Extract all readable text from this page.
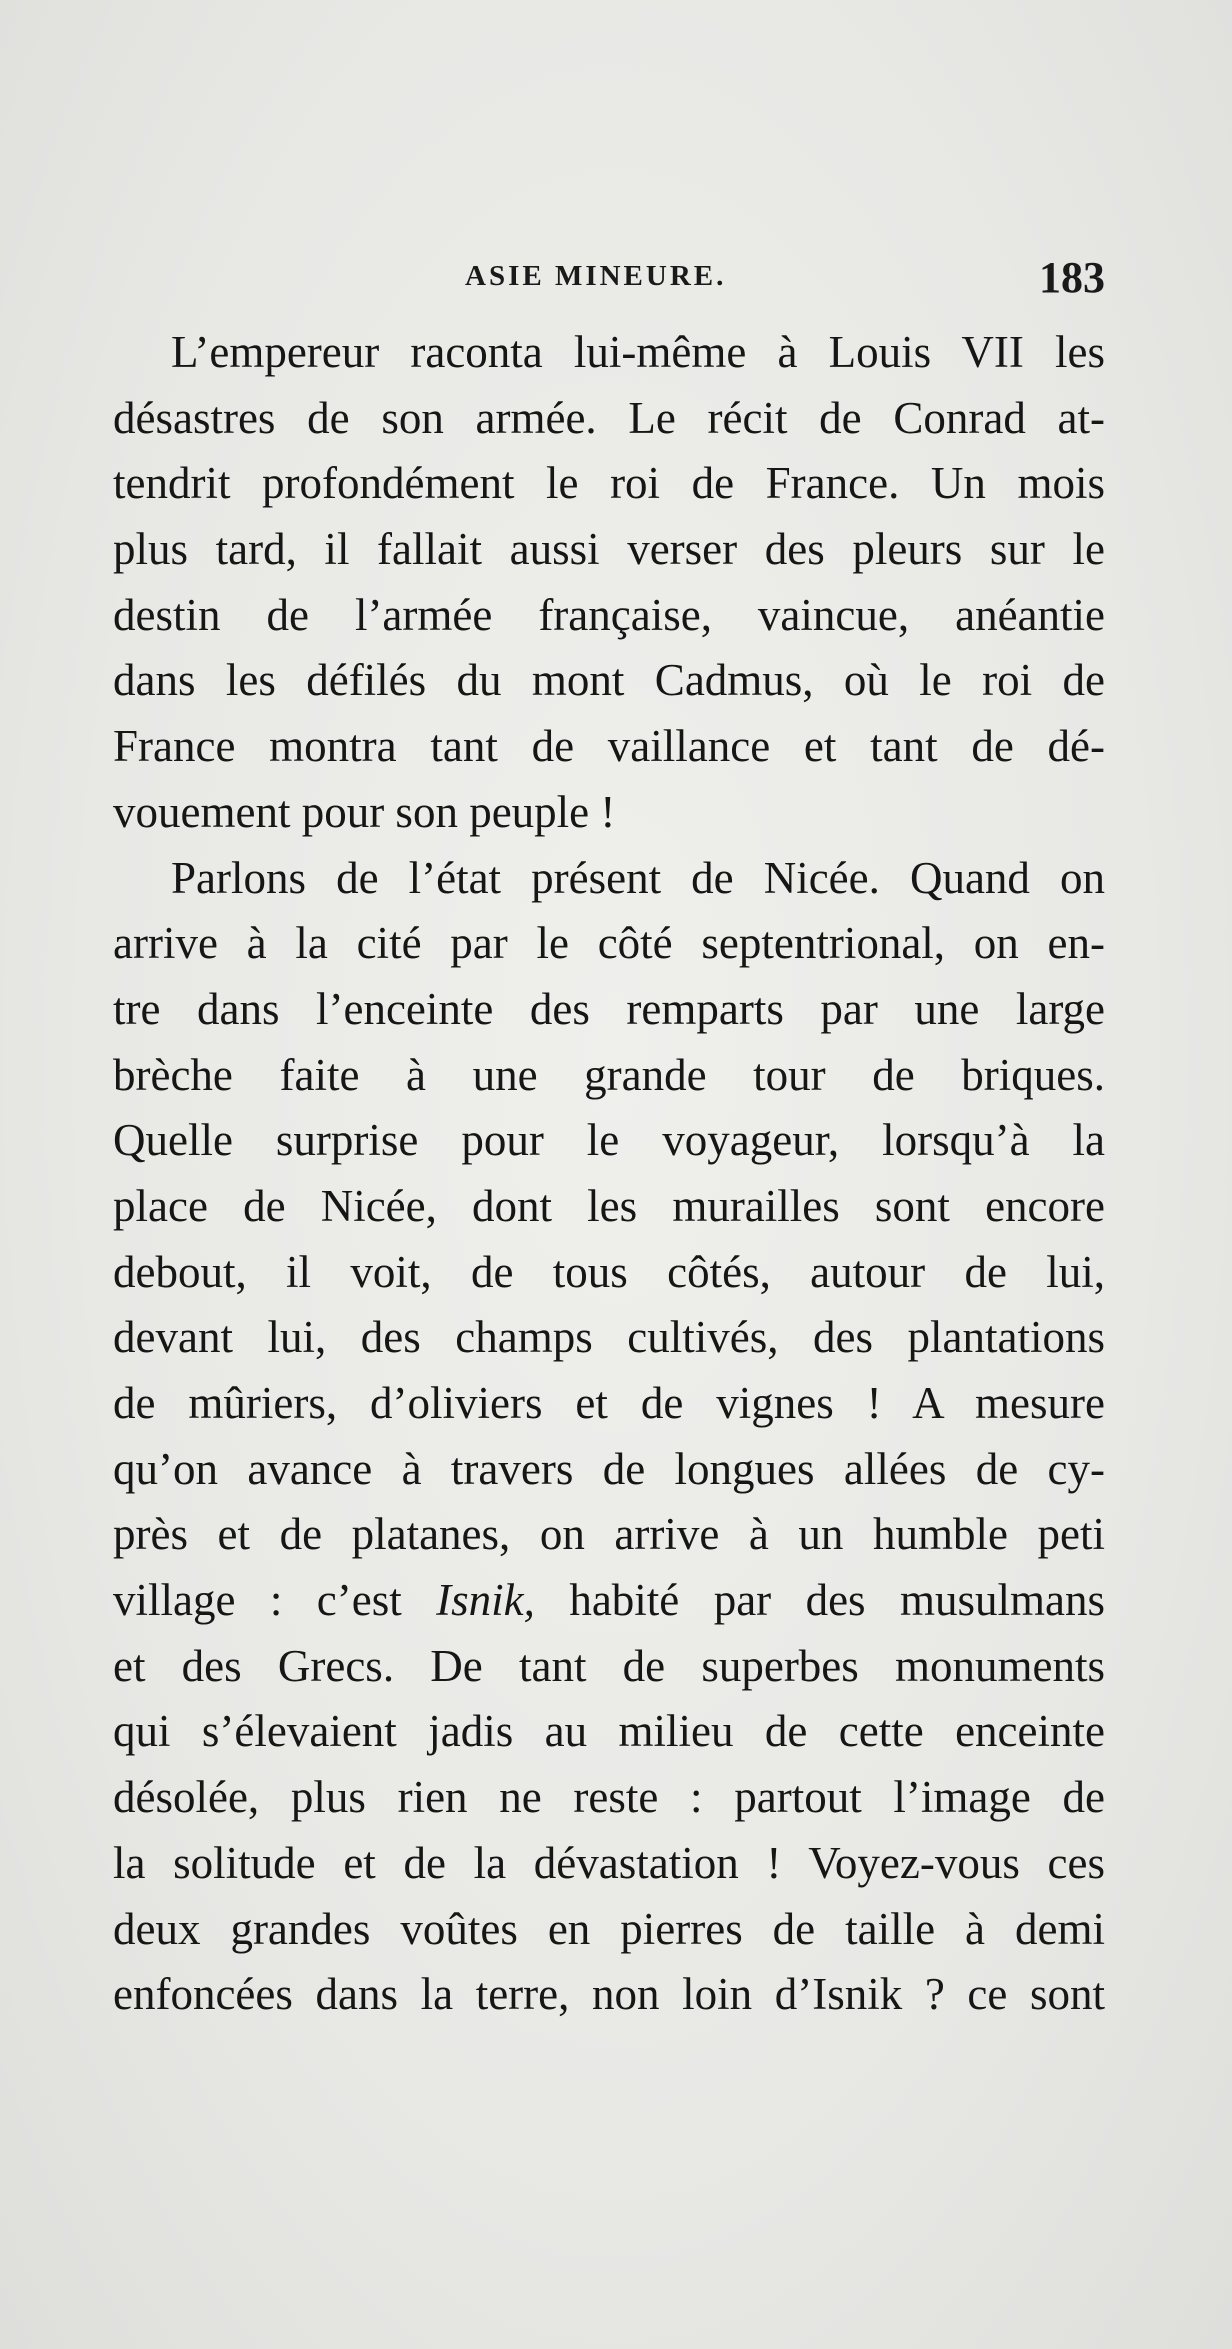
ASIE MINEURE.	183
L’empereur raconta lui-même à Louis VII les
désastres de son armée. Le récit de Conrad at-
tendrit profondément le roi de France. Un mois
plus tard, il fallait aussi verser des pleurs sur le
destin de l’armée française, vaincue, anéantie
dans les défilés du mont Cadmus, où le roi de
France montra tant de vaillance et tant de dé-
vouement pour son peuple !
Parlons de l’état présent de Nicée. Quand on
arrive à la cité par le côté septentrional, on en-
tre dans l’enceinte des remparts par une large
brèche faite à une grande tour de briques.
Quelle surprise pour le voyageur, lorsqu’à la
place de Nicée, dont les murailles sont encore
debout, il voit, de tous côtés, autour de lui,
devant lui, des champs cultivés, des plantations
de mûriers, d’oliviers et de vignes ! A mesure
qu’on avance à travers de longues allées de cy-
près et de platanes, on arrive à un humble peti
village : c’est Isnik, habité par des musulmans
et des Grecs. De tant de superbes monuments
qui s’élevaient jadis au milieu de cette enceinte
désolée, plus rien ne reste : partout l’image de
la solitude et de la dévastation ! Voyez-vous ces
deux grandes voûtes en pierres de taille à demi
enfoncées dans la terre, non loin d’Isnik ? ce sont
